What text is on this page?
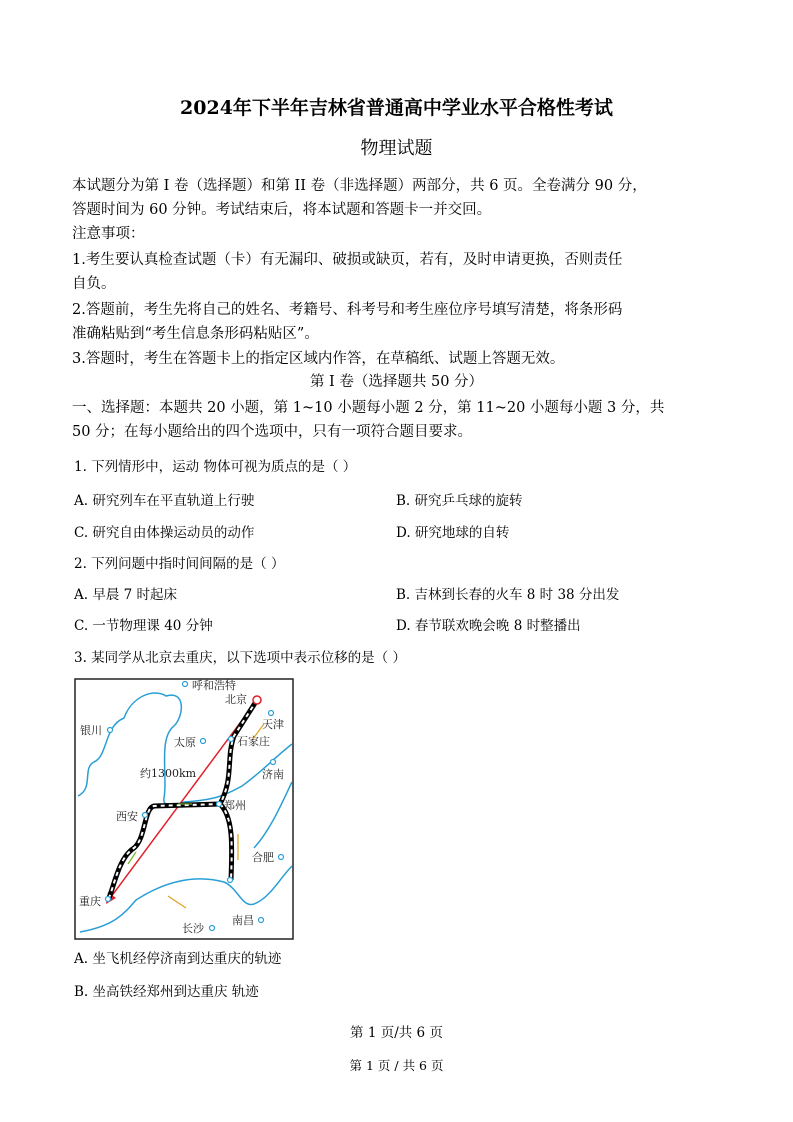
2024年下半年吉林省普通高中学业水平合格性考试
物理试题
本试题分为第 I 卷（选择题）和第 II 卷（非选择题）两部分，共 6 页。全卷满分 90 分，
答题时间为 60 分钟。考试结束后，将本试题和答题卡一并交回。
注意事项：
1.考生要认真检查试题（卡）有无漏印、破损或缺页，若有，及时申请更换，否则责任
自负。
2.答题前，考生先将自己的姓名、考籍号、科考号和考生座位序号填写清楚，将条形码
准确粘贴到“考生信息条形码粘贴区”。
3.答题时，考生在答题卡上的指定区域内作答，在草稿纸、试题上答题无效。
第 I 卷（选择题共 50 分）
一、选择题：本题共 20 小题，第 1~10 小题每小题 2 分，第 11~20 小题每小题 3 分，共
50 分；在每小题给出的四个选项中，只有一项符合题目要求。
1. 下列情形中，运动 物体可视为质点的是（ ）
A. 研究列车在平直轨道上行驶	B. 研究乒乓球的旋转
C. 研究自由体操运动员的动作	D. 研究地球的自转
2. 下列问题中指时间间隔的是（ ）
A. 早晨 7 时起床	B. 吉林到长春的火车 8 时 38 分出发
C. 一节物理课 40 分钟	D. 春节联欢晚会晚 8 时整播出
3. 某同学从北京去重庆，以下选项中表示位移的是（ ）
呼和浩特
北京
天津
石家庄
太原
银川
济南
郑州
西安
合肥
重庆
南昌
长沙
约1300km
A. 坐飞机经停济南到达重庆的轨迹
B. 坐高铁经郑州到达重庆 轨迹
第 1 页/共 6 页
第 1 页 / 共 6 页
